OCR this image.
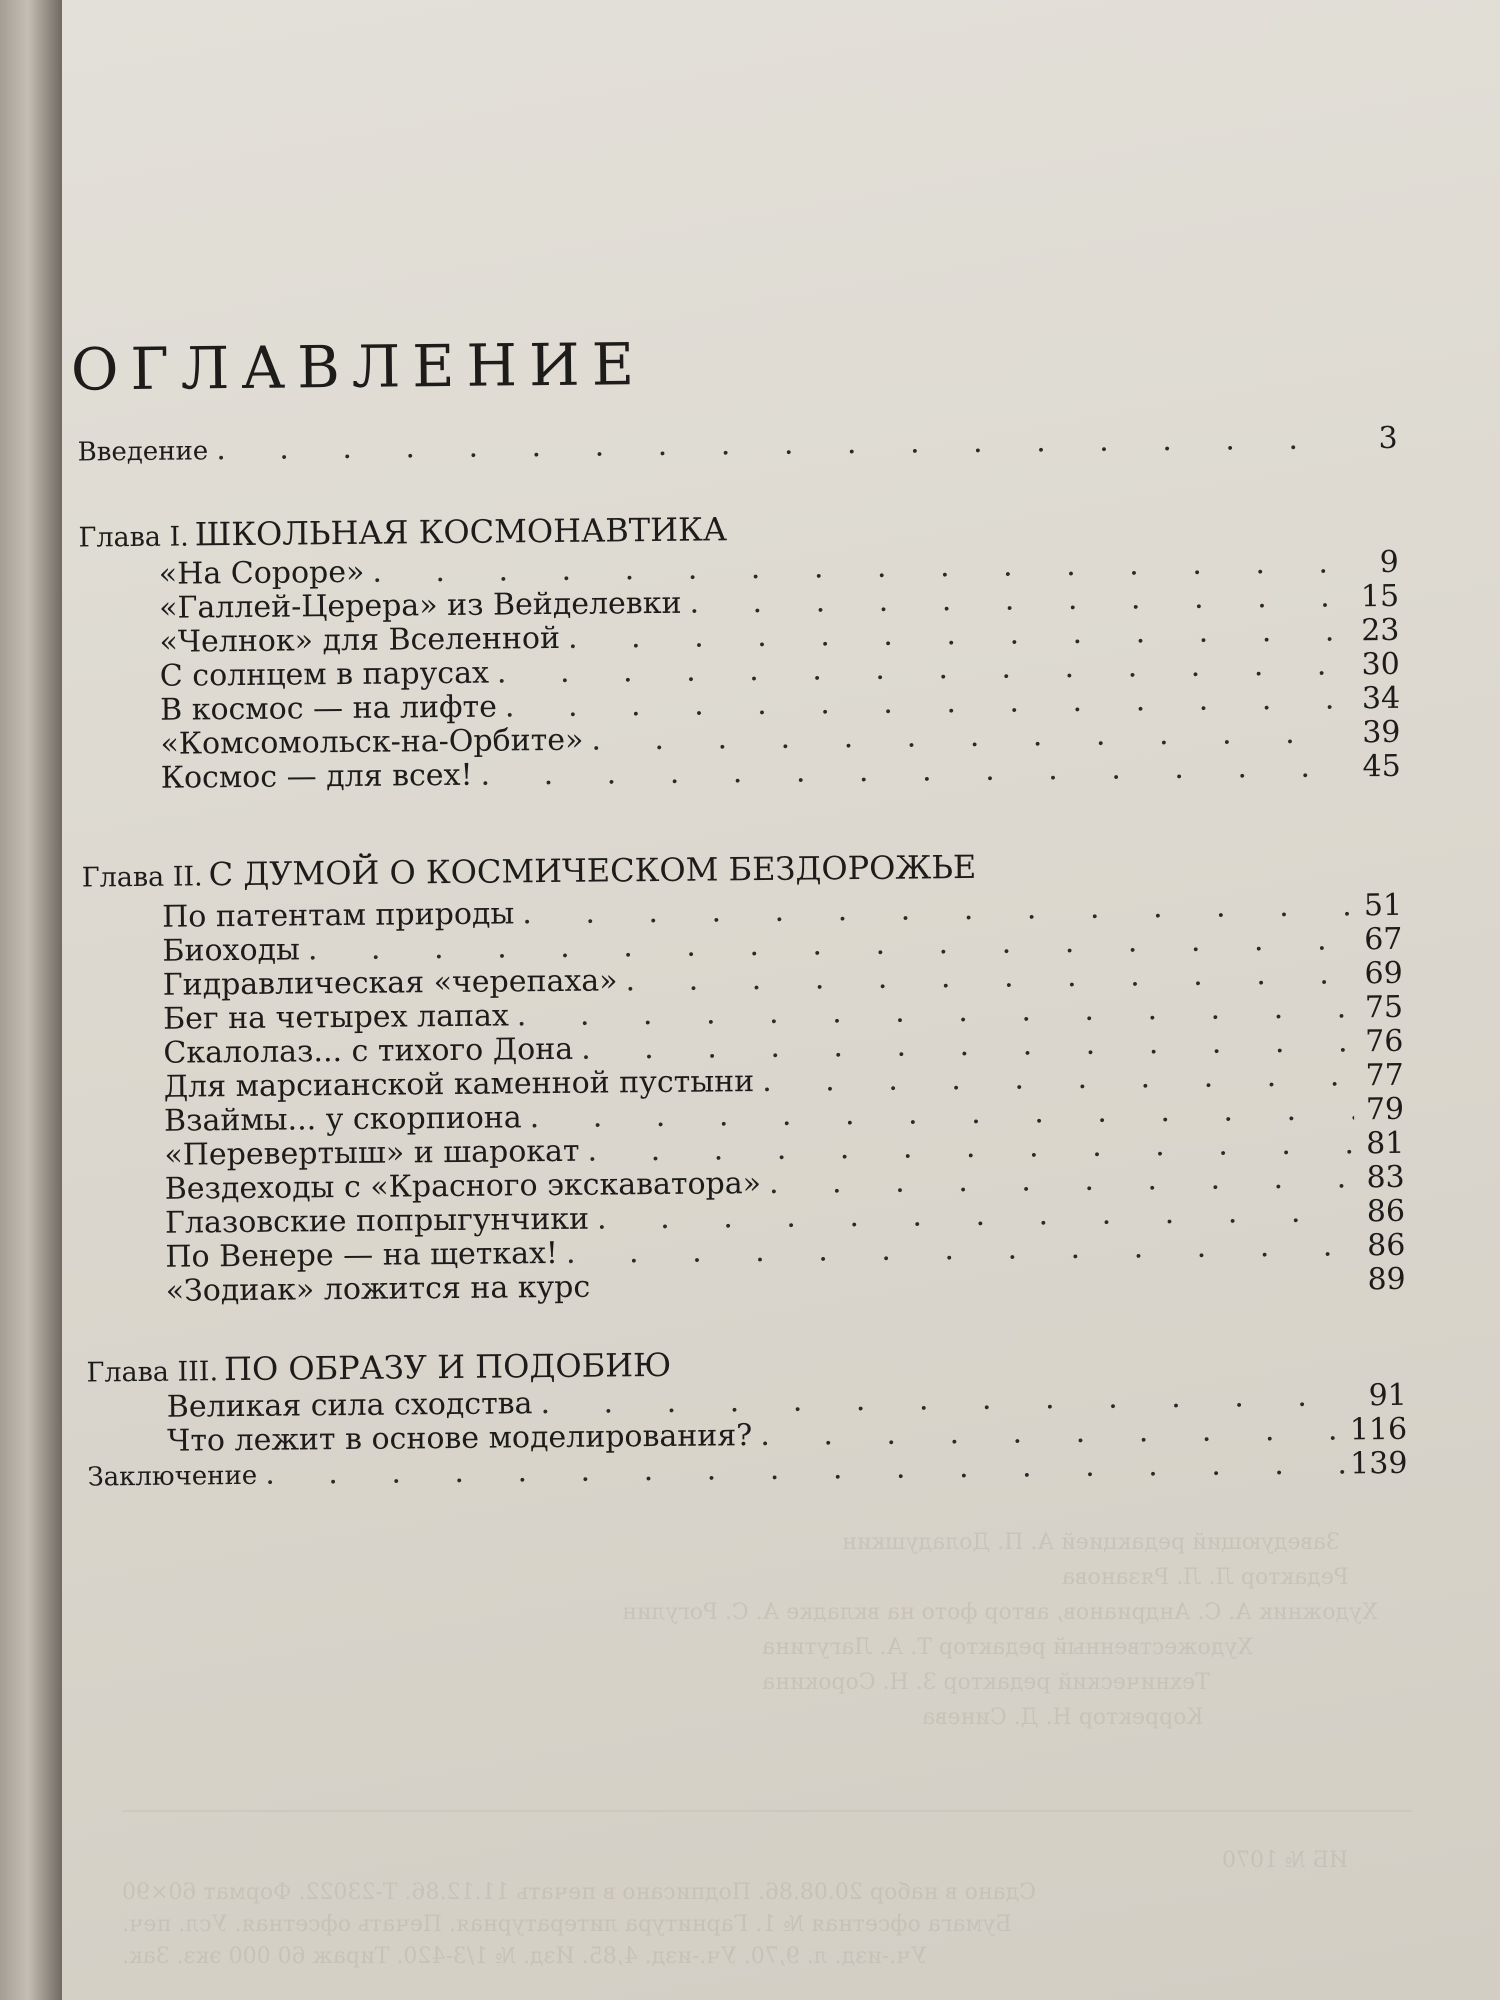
Заведующий редакцией А. П. Доладушкин
Редактор Л. Л. Рязанова
Художник А. С. Андрианов, автор фото на вкладке А. С. Рогулин
Художественный редактор Т. А. Лагутина
Технический редактор З. Н. Сорокина
Корректор Н. Д. Синева
ИБ № 1070
Сдано в набор 20.08.86. Подписано в печать 11.12.86. Т-23022. Формат 60×90
Бумага офсетная № 1. Гарнитура литературная. Печать офсетная. Усл. печ.
Уч.-изд. л. 9,70. Уч.-изд. 4,85. Изд. № 1/3-420. Тираж 60 000 экз. Зак.
ОГЛАВЛЕНИЕ
Введение . . .	3
Глава I. ШКОЛЬНАЯ КОСМОНАВТИКА
«На Сороре» . . .	9
«Галлей-Церера» из Вейделевки . . .	15
«Челнок» для Вселенной . . .	23
С солнцем в парусах . . .	30
В космос — на лифте . . .	34
«Комсомольск-на-Орбите» . . .	39
Космос — для всех! . . .	45
Глава II. С ДУМОЙ О КОСМИЧЕСКОМ БЕЗДОРОЖЬЕ
По патентам природы . . .	51
Биоходы . . .	67
Гидравлическая «черепаха» . . .	69
Бег на четырех лапах . . .	75
Скалолаз... с тихого Дона . . .	76
Для марсианской каменной пустыни . . .	77
Взаймы... у скорпиона . . .	79
«Перевертыш» и шарокат . . .	81
Вездеходы с «Красного экскаватора» . . .	83
Глазовские попрыгунчики . . .	86
По Венере — на щетках! . . .	86
«Зодиак» ложится на курс	89
Глава III. ПО ОБРАЗУ И ПОДОБИЮ
Великая сила сходства . . .	91
Что лежит в основе моделирования? . . .	116
Заключение . . .	139
